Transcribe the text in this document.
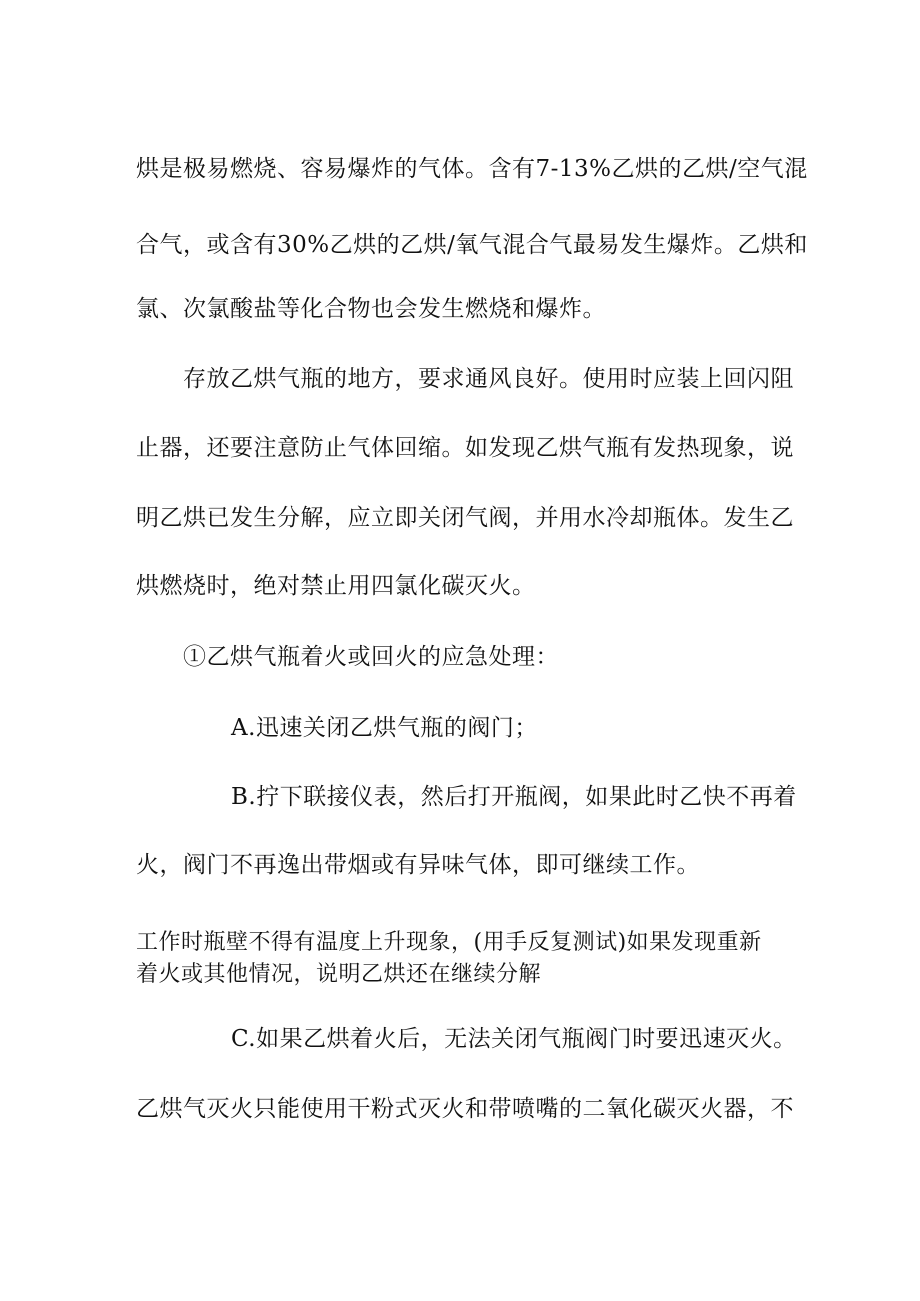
烘是极易燃烧、容易爆炸的气体。含有7-13%乙烘的乙烘/空气混
合气，或含有30%乙烘的乙烘/氧气混合气最易发生爆炸。乙烘和
氯、次氯酸盐等化合物也会发生燃烧和爆炸。
存放乙烘气瓶的地方，要求通风良好。使用时应装上回闪阻
止器，还要注意防止气体回缩。如发现乙烘气瓶有发热现象，说
明乙烘已发生分解，应立即关闭气阀，并用水冷却瓶体。发生乙
烘燃烧时，绝对禁止用四氯化碳灭火。
①乙烘气瓶着火或回火的应急处理：
A.迅速关闭乙烘气瓶的阀门；
B.拧下联接仪表，然后打开瓶阀，如果此时乙快不再着
火，阀门不再逸出带烟或有异味气体，即可继续工作。
工作时瓶壁不得有温度上升现象，(用手反复测试)如果发现重新
着火或其他情况，说明乙烘还在继续分解
C.如果乙烘着火后，无法关闭气瓶阀门时要迅速灭火。
乙烘气灭火只能使用干粉式灭火和带喷嘴的二氧化碳灭火器，不
